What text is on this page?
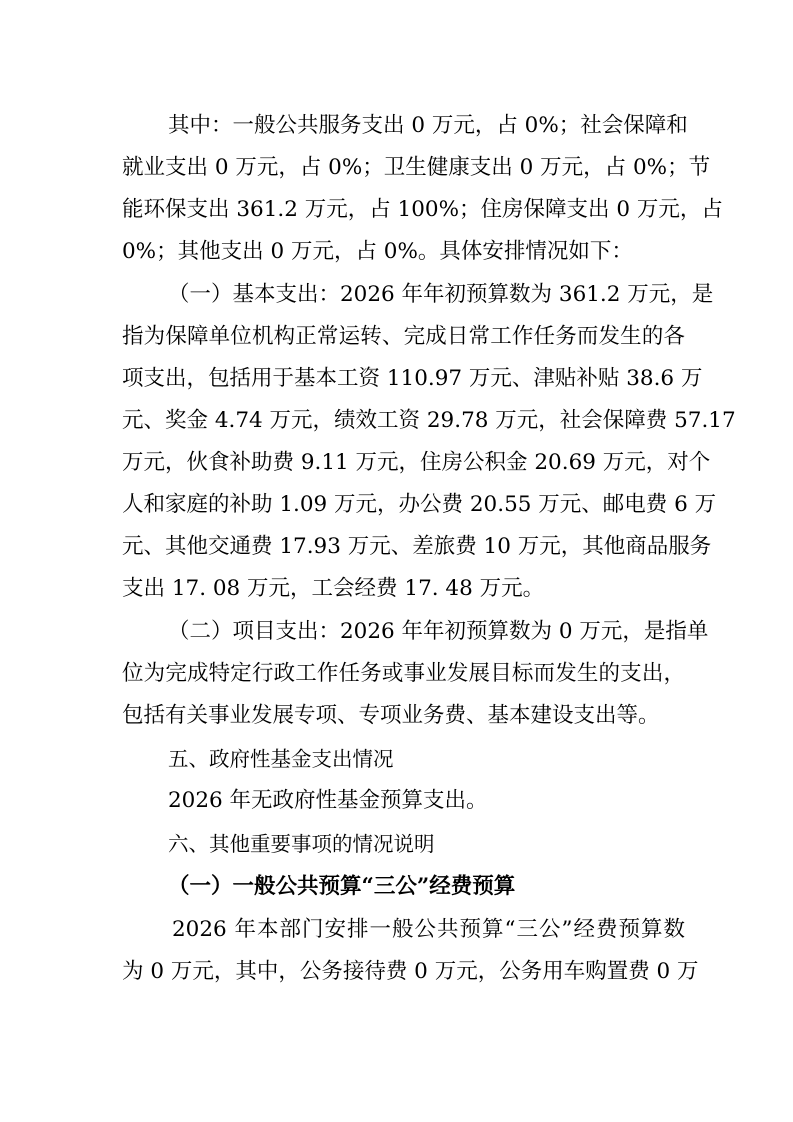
其中：一般公共服务支出 0 万元，占 0%；社会保障和
就业支出 0 万元，占 0%；卫生健康支出 0 万元，占 0%；节
能环保支出 361.2 万元，占 100%；住房保障支出 0 万元，占
0%；其他支出 0 万元，占 0%。具体安排情况如下：
（一）基本支出：2026 年年初预算数为 361.2 万元，是
指为保障单位机构正常运转、完成日常工作任务而发生的各
项支出，包括用于基本工资 110.97 万元、津贴补贴 38.6 万
元、奖金 4.74 万元，绩效工资 29.78 万元，社会保障费 57.17
万元，伙食补助费 9.11 万元，住房公积金 20.69 万元，对个
人和家庭的补助 1.09 万元，办公费 20.55 万元、邮电费 6 万
元、其他交通费 17.93 万元、差旅费 10 万元，其他商品服务
支出 17. 08 万元，工会经费 17. 48 万元。
（二）项目支出：2026 年年初预算数为 0 万元，是指单
位为完成特定行政工作任务或事业发展目标而发生的支出，
包括有关事业发展专项、专项业务费、基本建设支出等。
五、政府性基金支出情况
2026 年无政府性基金预算支出。
六、其他重要事项的情况说明
（一）一般公共预算“三公”经费预算
2026 年本部门安排一般公共预算“三公”经费预算数
为 0 万元，其中，公务接待费 0 万元，公务用车购置费 0 万
